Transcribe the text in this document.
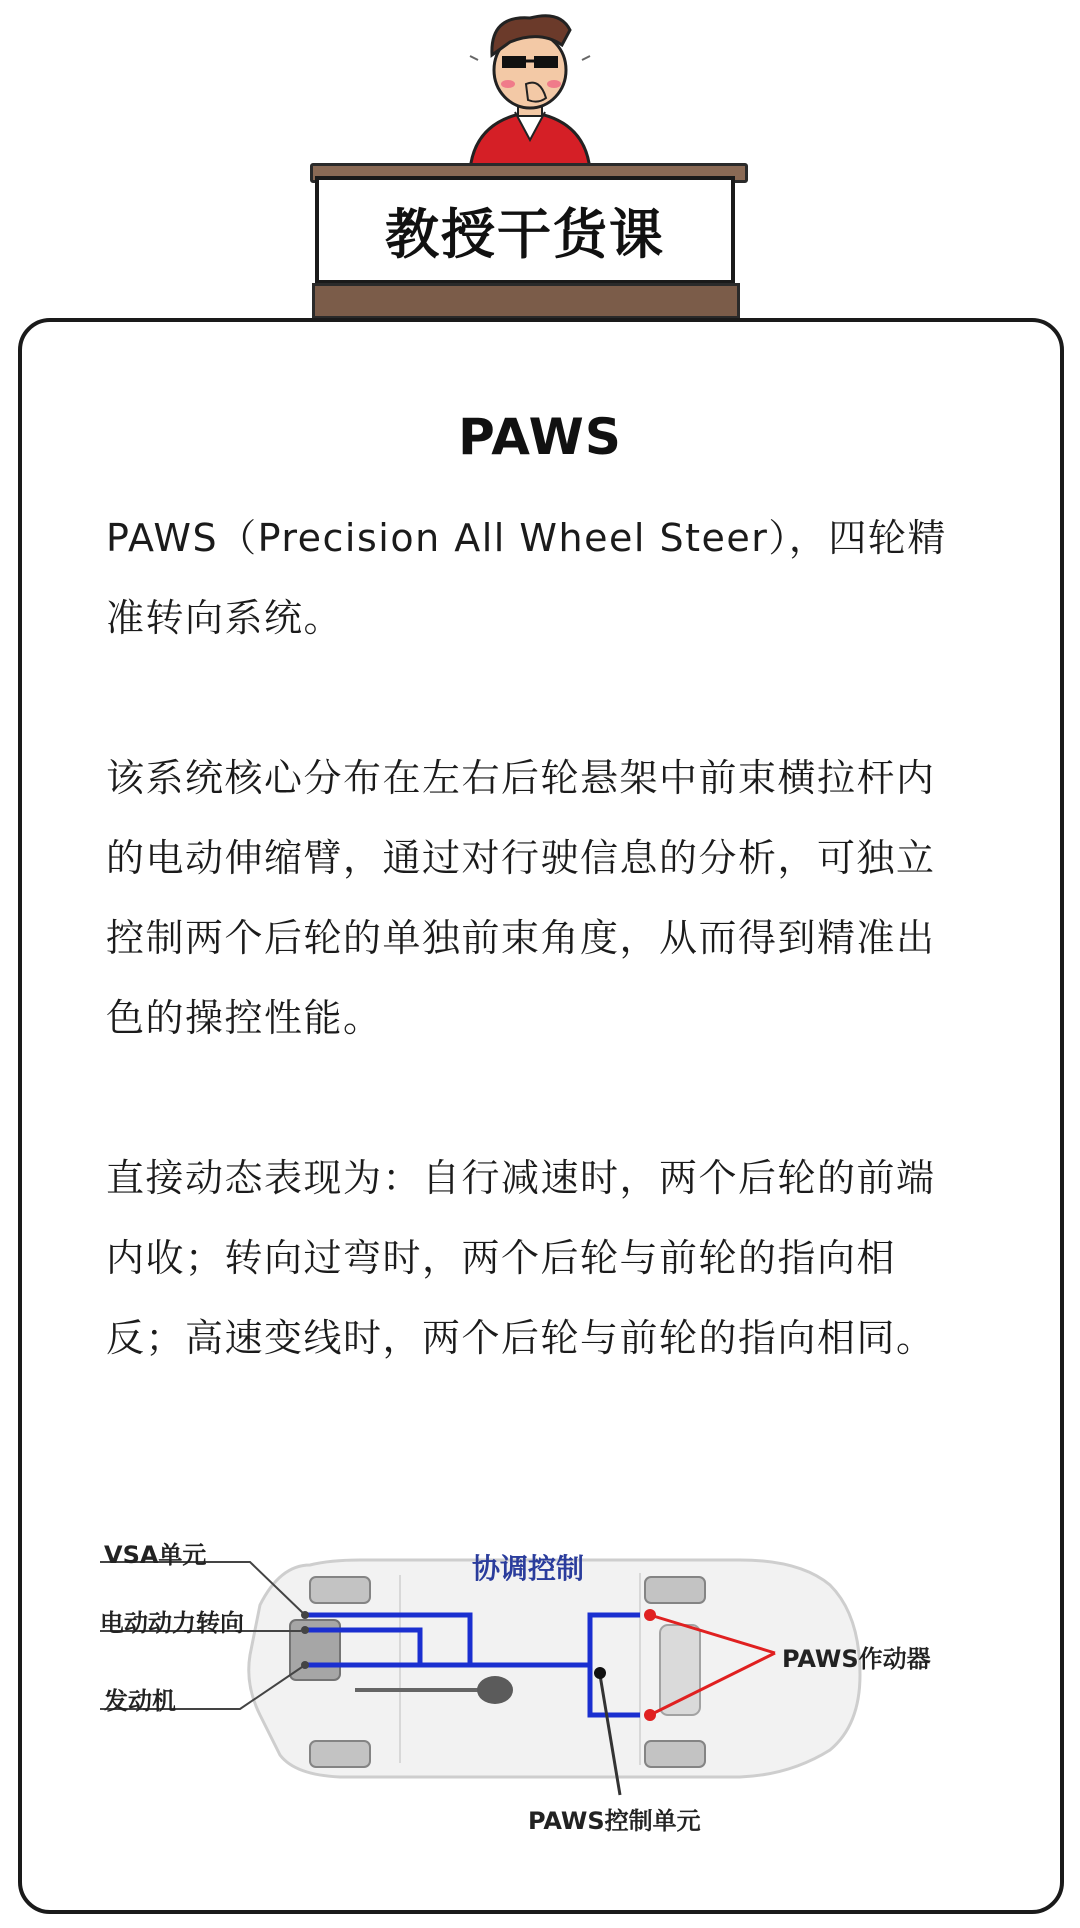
教授干货课
PAWS
PAWS（Precision All Wheel Steer），四轮精准转向系统。
该系统核心分布在左右后轮悬架中前束横拉杆内的电动伸缩臂，通过对行驶信息的分析，可独立控制两个后轮的单独前束角度，从而得到精准出色的操控性能。
直接动态表现为：自行减速时，两个后轮的前端内收；转向过弯时，两个后轮与前轮的指向相反；高速变线时，两个后轮与前轮的指向相同。
VSA单元
电动动力转向
发动机
协调控制
PAWS作动器
PAWS控制单元
